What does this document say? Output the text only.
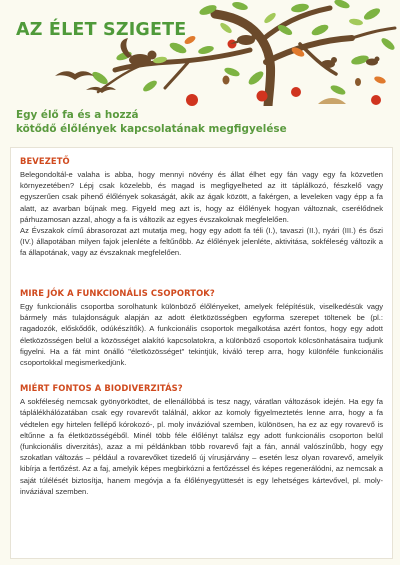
AZ ÉLET SZIGETE
Egy élő fa és a hozzá
kötődő élőlények kapcsolatának megfigyelése
BEVEZETŐ

Belegondoltál-e valaha is abba, hogy mennyi növény és állat élhet egy fán vagy egy fa közvetlen környezetében? Lépj csak közelebb, és magad is megfigyelheted az itt táplálkozó, fészkelő vagy egyszerűen csak pihenő élőlények sokaságát, akik az ágak között, a fakérgen, a leveleken vagy épp a fa alatt, az avarban bújnak meg. Figyeld meg azt is, hogy az élőlények hogyan változnak, cserélődnek párhuzamosan azzal, ahogy a fa is változik az egyes évszakoknak megfelelően.

Az Évszakok című ábrasorozat azt mutatja meg, hogy egy adott fa téli (I.), tavaszi (II.), nyári (III.) és őszi (IV.) állapotában milyen fajok jelenléte a feltűnőbb. Az élőlények jelenléte, aktivitása, sokféleség változik a fa állapotának, vagy az évszaknak megfelelően.

MIRE JÓK A FUNKCIONÁLIS CSOPORTOK?

Egy funkcionális csoportba sorolhatunk különböző élőlényeket, amelyek felépítésük, viselkedésük vagy bármely más tulajdonságuk alapján az adott életközösségben egyforma szerepet töltenek be (pl.: ragadozók, előskődők, odúkészítők). A funkcionális csoportok megalkotása azért fontos, hogy egy adott életközösségen belül a közösséget alakító kapcsolatokra, a különböző csoportok kölcsönhatásaira tudjunk figyelni. Ha a fát mint önálló "életközösséget" tekintjük, kiváló terep arra, hogy különféle funkcionális csoportokkal megismerkedjünk.

MIÉRT FONTOS A BIODIVERZITÁS?

A sokféleség nemcsak gyönyörködtet, de ellenállóbbá is tesz nagy, váratlan változások idején. Ha egy fa táplálékhálózatában csak egy rovarevőt találnál, akkor az komoly figyelmeztetés lenne arra, hogy a fa védtelen egy hirtelen fellépő kórokozó-, pl. moly invázióval szemben, különösen, ha ez az egy rovarevő is eltűnne a fa életközösségéből. Minél több féle élőlényt találsz egy adott funkcionális csoporton belül (funkcionális diverzitás), azaz a mi példánkban több rovarevő fajt a fán, annál valószínűbb, hogy egy szokatlan változás – például a rovarevőket tizedelő új vírusjárvány – esetén lesz olyan rovarevő, amelyik kibírja a fertőzést. Az a faj, amelyik képes megbirkózni a fertőzéssel és képes regenerálódni, az nemcsak a saját túlélését biztosítja, hanem megóvja a fa élőlényegyüttesét is egy lehetséges kártevővel, pl. moly-inváziával szemben.
